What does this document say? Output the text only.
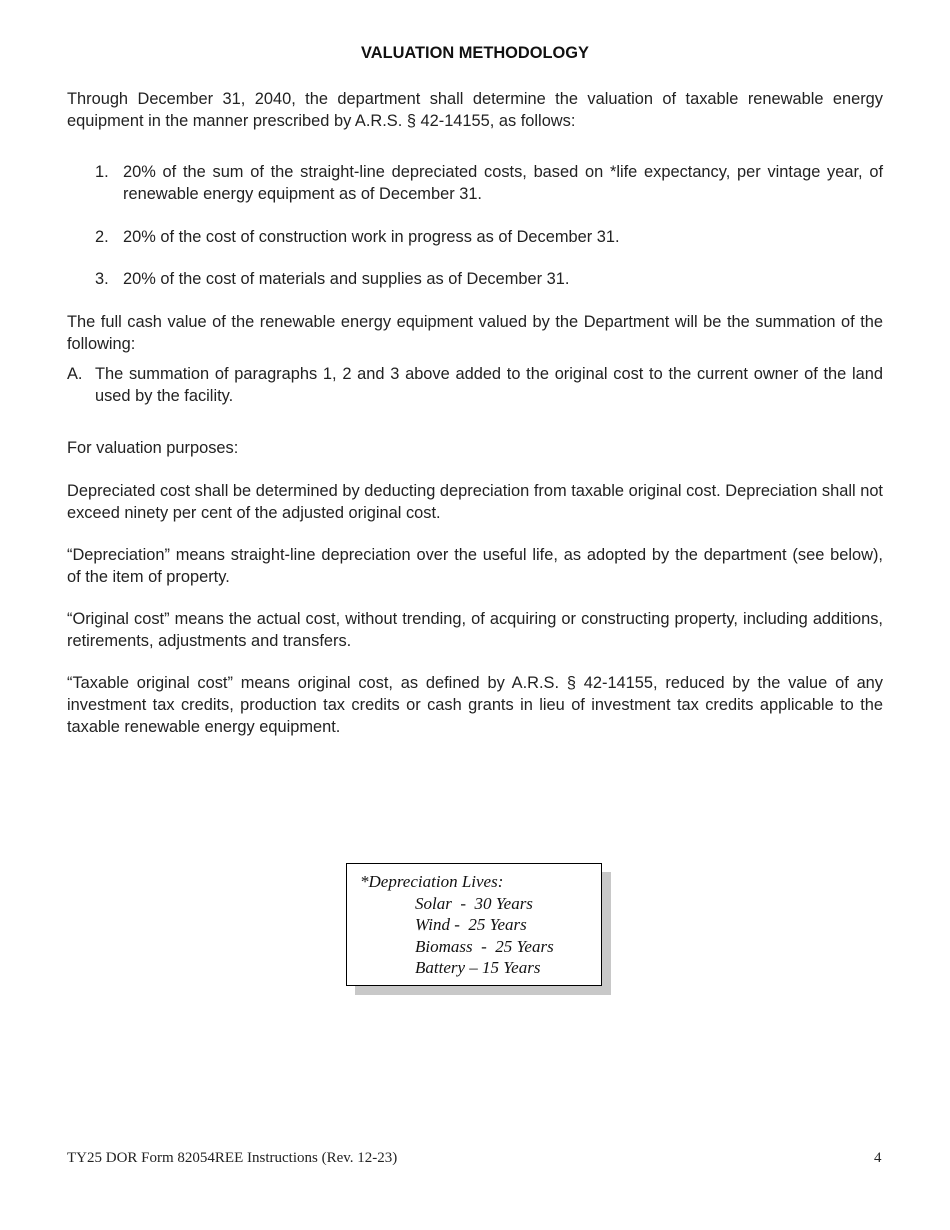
VALUATION METHODOLOGY
Through December 31, 2040, the department shall determine the valuation of taxable renewable energy equipment in the manner prescribed by A.R.S. § 42-14155, as follows:
1. 20% of the sum of the straight-line depreciated costs, based on *life expectancy, per vintage year, of renewable energy equipment as of December 31.
2. 20% of the cost of construction work in progress as of December 31.
3. 20% of the cost of materials and supplies as of December 31.
The full cash value of the renewable energy equipment valued by the Department will be the summation of the following:
A. The summation of paragraphs 1, 2 and 3 above added to the original cost to the current owner of the land used by the facility.
For valuation purposes:
Depreciated cost shall be determined by deducting depreciation from taxable original cost. Depreciation shall not exceed ninety per cent of the adjusted original cost.
“Depreciation” means straight-line depreciation over the useful life, as adopted by the department (see below), of the item of property.
“Original cost” means the actual cost, without trending, of acquiring or constructing property, including additions, retirements, adjustments and transfers.
“Taxable original cost” means original cost, as defined by A.R.S. § 42-14155, reduced by the value of any investment tax credits, production tax credits or cash grants in lieu of investment tax credits applicable to the taxable renewable energy equipment.
*Depreciation Lives:
Solar  -  30 Years
Wind -  25 Years
Biomass  -  25 Years
Battery – 15 Years
TY25 DOR Form 82054REE Instructions (Rev. 12-23)	4
